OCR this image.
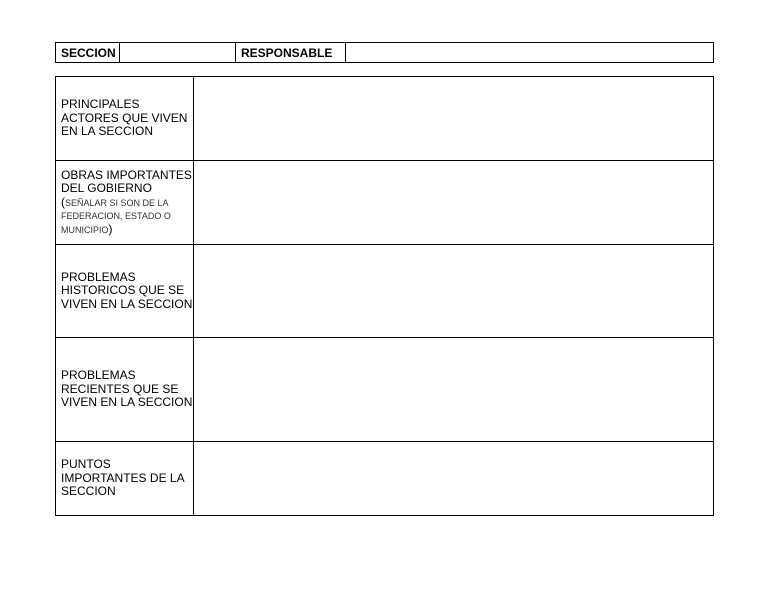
SECCION		RESPONSABLE	
PRINCIPALES ACTORES QUE VIVEN EN LA SECCION	

OBRAS IMPORTANTES DEL GOBIERNO (SEÑALAR SI SON DE LA FEDERACION, ESTADO O MUNICIPIO)	

PROBLEMAS HISTORICOS QUE SE VIVEN EN LA SECCION	

PROBLEMAS RECIENTES QUE SE VIVEN EN LA SECCION	

PUNTOS IMPORTANTES DE LA SECCION	
